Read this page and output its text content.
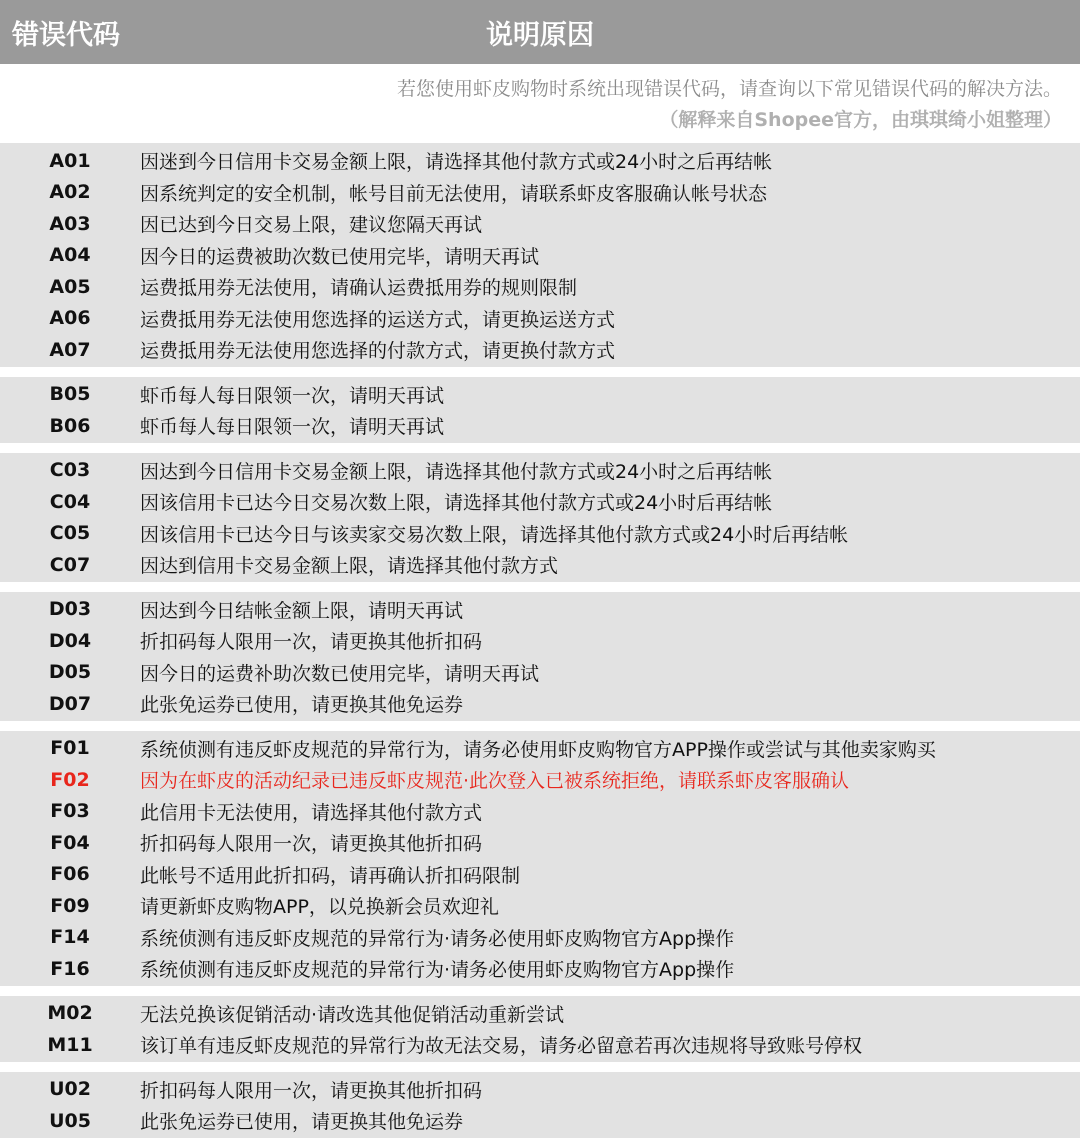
错误代码	说明原因
若您使用虾皮购物时系统出现错误代码，请查询以下常见错误代码的解决方法。
（解释来自Shopee官方，由琪琪绮小姐整理）
A01	因迷到今日信用卡交易金额上限，请选择其他付款方式或24小时之后再结帐
A02	因系统判定的安全机制，帐号目前无法使用，请联系虾皮客服确认帐号状态
A03	因已达到今日交易上限，建议您隔天再试
A04	因今日的运费被助次数已使用完毕，请明天再试
A05	运费抵用券无法使用，请确认运费抵用券的规则限制
A06	运费抵用券无法使用您选择的运送方式，请更换运送方式
A07	运费抵用券无法使用您选择的付款方式，请更换付款方式
B05	虾币每人每日限领一次，请明天再试
B06	虾币每人每日限领一次，请明天再试
C03	因达到今日信用卡交易金额上限，请选择其他付款方式或24小时之后再结帐
C04	因该信用卡已达今日交易次数上限，请选择其他付款方式或24小时后再结帐
C05	因该信用卡已达今日与该卖家交易次数上限，请选择其他付款方式或24小时后再结帐
C07	因达到信用卡交易金额上限，请选择其他付款方式
D03	因达到今日结帐金额上限，请明天再试
D04	折扣码每人限用一次，请更换其他折扣码
D05	因今日的运费补助次数已使用完毕，请明天再试
D07	此张免运券已使用，请更换其他免运券
F01	系统侦测有违反虾皮规范的异常行为，请务必使用虾皮购物官方APP操作或尝试与其他卖家购买
F02	因为在虾皮的活动纪录已违反虾皮规范·此次登入已被系统拒绝，请联系虾皮客服确认
F03	此信用卡无法使用，请选择其他付款方式
F04	折扣码每人限用一次，请更换其他折扣码
F06	此帐号不适用此折扣码，请再确认折扣码限制
F09	请更新虾皮购物APP，以兑换新会员欢迎礼
F14	系统侦测有违反虾皮规范的异常行为·请务必使用虾皮购物官方App操作
F16	系统侦测有违反虾皮规范的异常行为·请务必使用虾皮购物官方App操作
M02	无法兑换该促销活动·请改选其他促销活动重新尝试
M11	该订单有违反虾皮规范的异常行为故无法交易，请务必留意若再次违规将导致账号停权
U02	折扣码每人限用一次，请更换其他折扣码
U05	此张免运券已使用，请更换其他免运券
